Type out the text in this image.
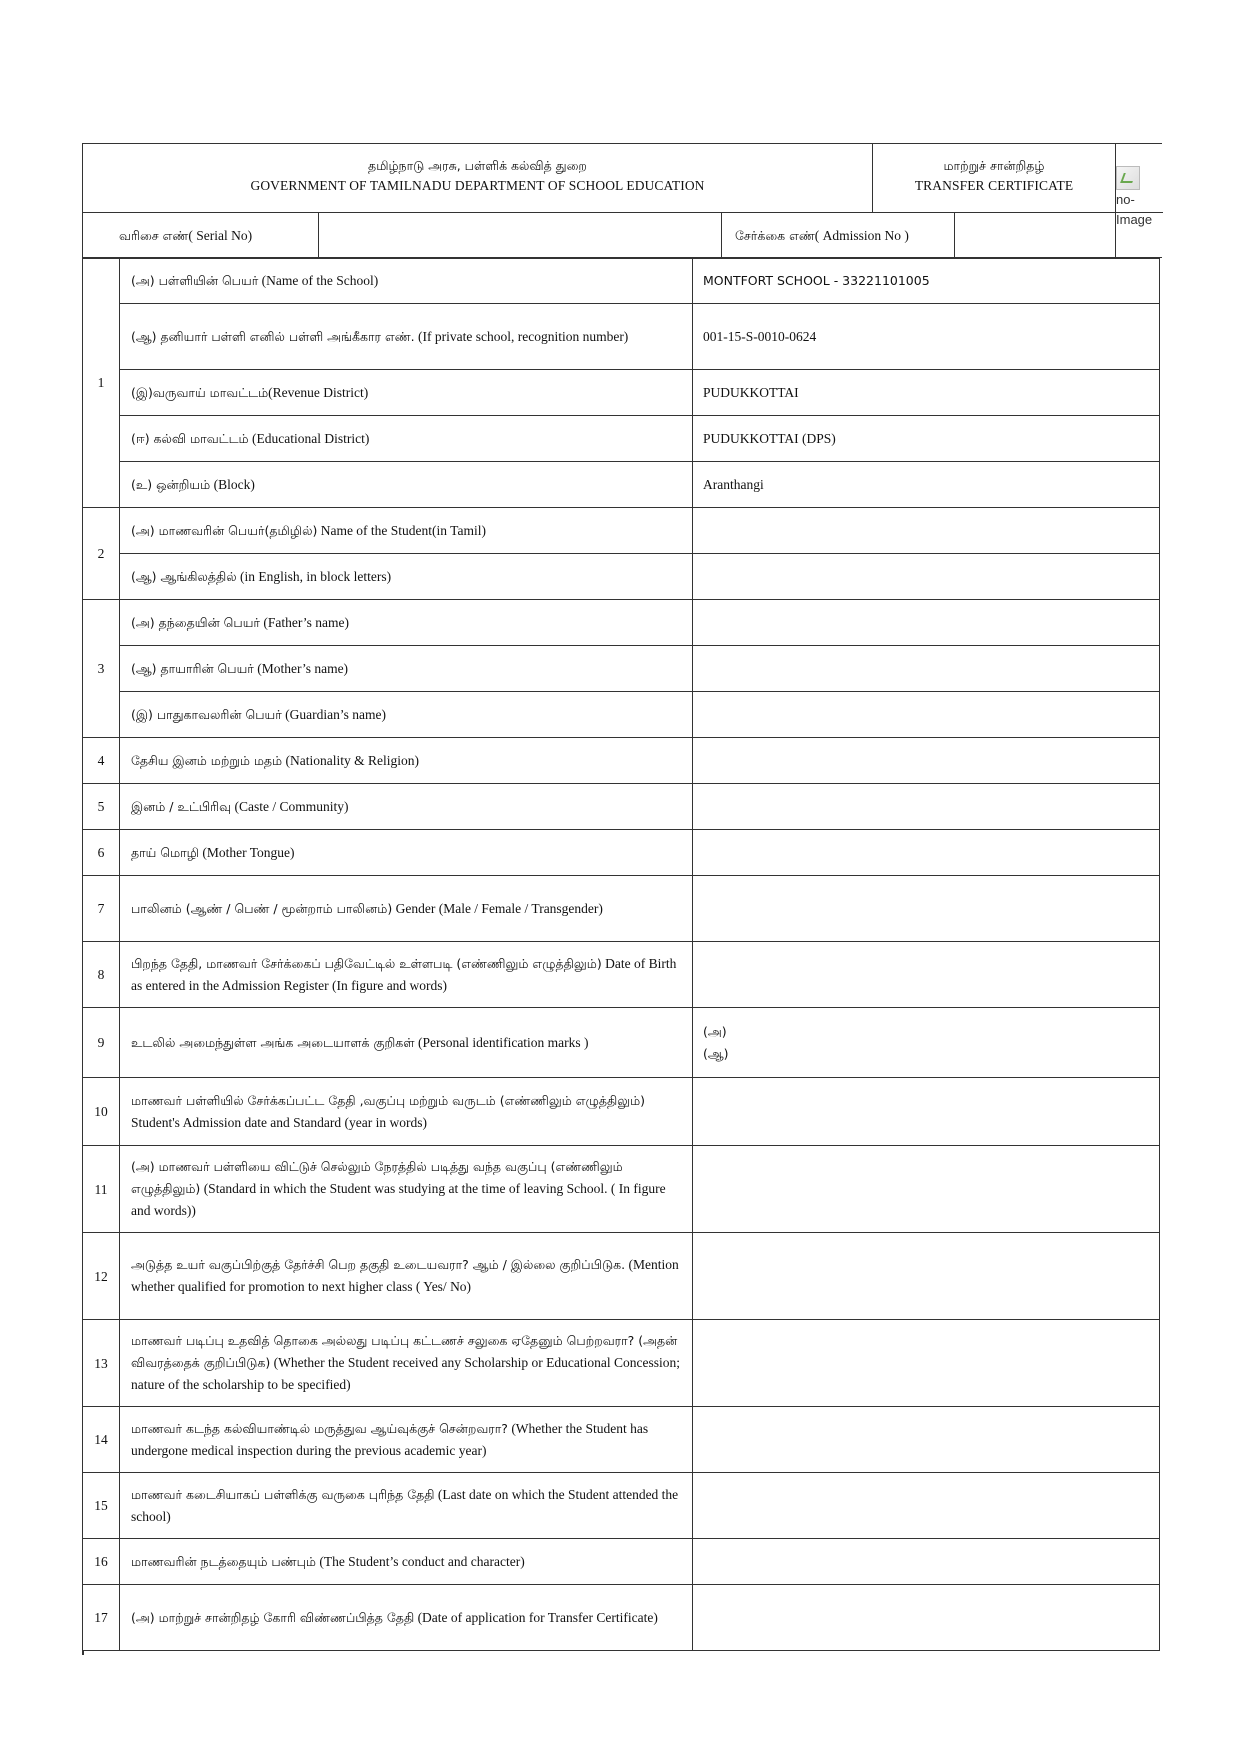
தமிழ்நாடு அரசு, பள்ளிக் கல்வித் துறை
GOVERNMENT OF TAMILNADU DEPARTMENT OF SCHOOL EDUCATION
மாற்றுச் சான்றிதழ்
TRANSFER CERTIFICATE

no-Image
வரிசை எண்( Serial No)	சேர்க்கை எண்( Admission No )
1
(அ) பள்ளியின் பெயர் (Name of the School)	MONTFORT SCHOOL - 33221101005
(ஆ) தனியார் பள்ளி எனில் பள்ளி அங்கீகார எண். (If private school, recognition number)	001-15-S-0010-0624
(இ)வருவாய் மாவட்டம்(Revenue District)	PUDUKKOTTAI
(ஈ) கல்வி மாவட்டம் (Educational District)	PUDUKKOTTAI (DPS)
(உ) ஒன்றியம் (Block)	Aranthangi
2
(அ) மாணவரின் பெயர்(தமிழில்) Name of the Student(in Tamil)
(ஆ) ஆங்கிலத்தில் (in English, in block letters)
3
(அ) தந்தையின் பெயர் (Father’s name)
(ஆ) தாயாரின் பெயர் (Mother’s name)
(இ) பாதுகாவலரின் பெயர் (Guardian’s name)
4	தேசிய இனம் மற்றும் மதம் (Nationality & Religion)
5	இனம் / உட்பிரிவு (Caste / Community)
6	தாய் மொழி (Mother Tongue)
7	பாலினம் (ஆண் / பெண் / மூன்றாம் பாலினம்) Gender (Male / Female / Transgender)
8
பிறந்த தேதி, மாணவர் சேர்க்கைப் பதிவேட்டில் உள்ளபடி (எண்ணிலும் எழுத்திலும்) Date of Birth as entered in the Admission Register (In figure and words)
9	உடலில் அமைந்துள்ள அங்க அடையாளக் குறிகள் (Personal identification marks )
(அ)
(ஆ)
10
மாணவர் பள்ளியில் சேர்க்கப்பட்ட தேதி ,வகுப்பு மற்றும் வருடம் (எண்ணிலும் எழுத்திலும்) Student's Admission date and Standard (year in words)
11
(அ) மாணவர் பள்ளியை விட்டுச் செல்லும் நேரத்தில் படித்து வந்த வகுப்பு (எண்ணிலும் எழுத்திலும்) (Standard in which the Student was studying at the time of leaving School. ( In figure and words))
12
அடுத்த உயர் வகுப்பிற்குத் தேர்ச்சி பெற தகுதி உடையவரா? ஆம் / இல்லை குறிப்பிடுக. (Mention whether qualified for promotion to next higher class ( Yes/ No)
13
மாணவர் படிப்பு உதவித் தொகை அல்லது படிப்பு கட்டணச் சலுகை ஏதேனும் பெற்றவரா? (அதன் விவரத்தைக் குறிப்பிடுக) (Whether the Student received any Scholarship or Educational Concession; nature of the scholarship to be specified)
14
மாணவர் கடந்த கல்வியாண்டில் மருத்துவ ஆய்வுக்குச் சென்றவரா? (Whether the Student has undergone medical inspection during the previous academic year)
15
மாணவர் கடைசியாகப் பள்ளிக்கு வருகை புரிந்த தேதி (Last date on which the Student attended the school)
16	மாணவரின் நடத்தையும் பண்பும் (The Student’s conduct and character)
17	(அ) மாற்றுச் சான்றிதழ் கோரி விண்ணப்பித்த தேதி (Date of application for Transfer Certificate)
